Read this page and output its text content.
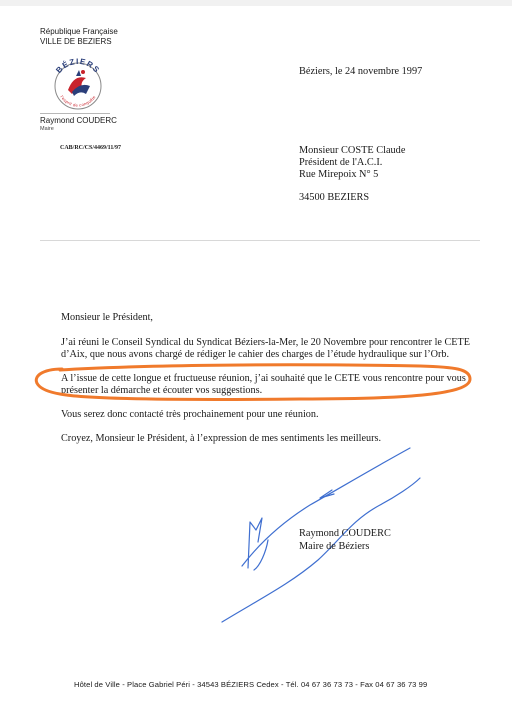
République Française
VILLE DE BEZIERS
BÉZIERS
l'esprit de conquête
Raymond COUDERC
Maire
CAB/RC/CS/4469/11/97
Béziers, le 24 novembre 1997
Monsieur COSTE Claude
Président de l'A.C.I.
Rue Mirepoix N° 5
34500 BEZIERS
Monsieur le Président,
J’ai réuni le Conseil Syndical du Syndicat Béziers-la-Mer, le 20 Novembre pour rencontrer le CETE
d’Aix, que nous avons chargé de rédiger le cahier des charges de l’étude hydraulique sur l’Orb.
A l’issue de cette longue et fructueuse réunion, j’ai souhaité que le CETE vous rencontre pour vous
présenter la démarche et écouter vos suggestions.
Vous serez donc contacté très prochainement pour une réunion.
Croyez, Monsieur le Président, à l’expression de mes sentiments les meilleurs.
Raymond COUDERC
Maire de Béziers
Hôtel de Ville - Place Gabriel Péri - 34543 BÉZIERS Cedex - Tél. 04 67 36 73 73 - Fax 04 67 36 73 99
